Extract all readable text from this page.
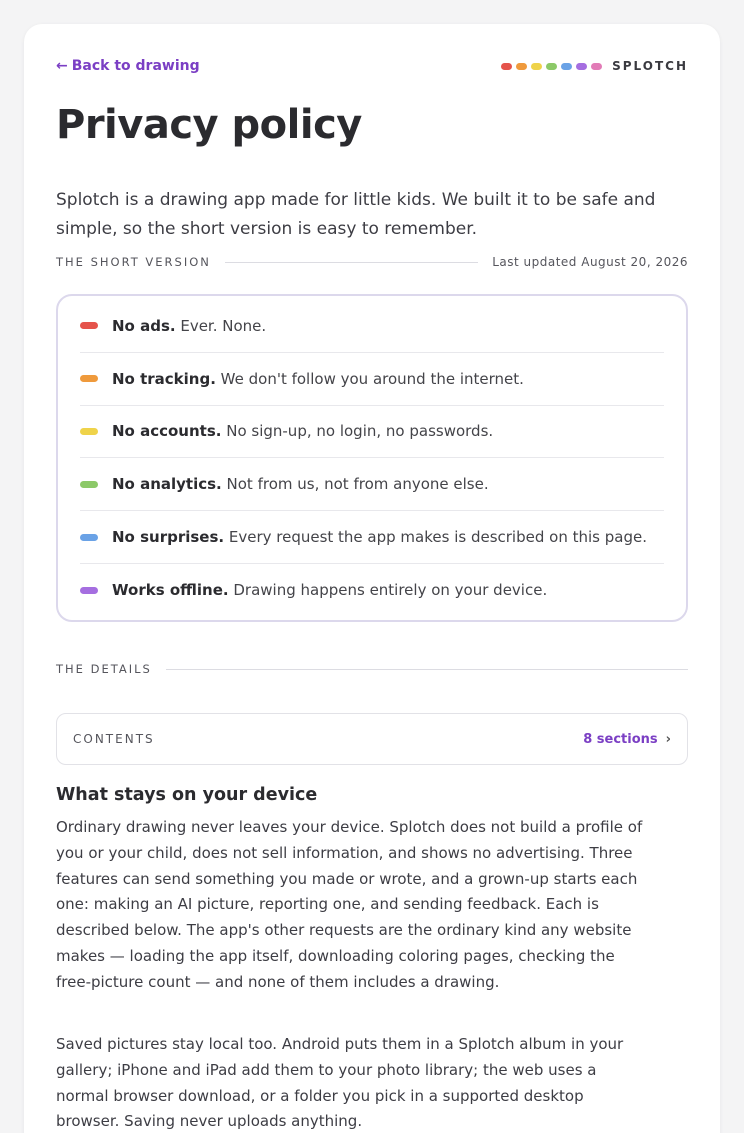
← Back to drawing	SPLOTCH
Privacy policy

Splotch is a drawing app made for little kids. We built it to be safe and simple, so the short version is easy to remember.

THE SHORT VERSION	Last updated August 20, 2026
No ads. Ever. None.
No tracking. We don't follow you around the internet.
No accounts. No sign-up, no login, no passwords.
No analytics. Not from us, not from anyone else.
No surprises. Every request the app makes is described on this page.
Works offline. Drawing happens entirely on your device.
THE DETAILS
CONTENTS	8 sections ›
What stays on your device

Ordinary drawing never leaves your device. Splotch does not build a profile of you or your child, does not sell information, and shows no advertising. Three features can send something you made or wrote, and a grown-up starts each one: making an AI picture, reporting one, and sending feedback. Each is described below. The app's other requests are the ordinary kind any website makes — loading the app itself, downloading coloring pages, checking the free-picture count — and none of them includes a drawing.

Saved pictures stay local too. Android puts them in a Splotch album in your gallery; iPhone and iPad add them to your photo library; the web uses a normal browser download, or a folder you pick in a supported desktop browser. Saving never uploads anything.
